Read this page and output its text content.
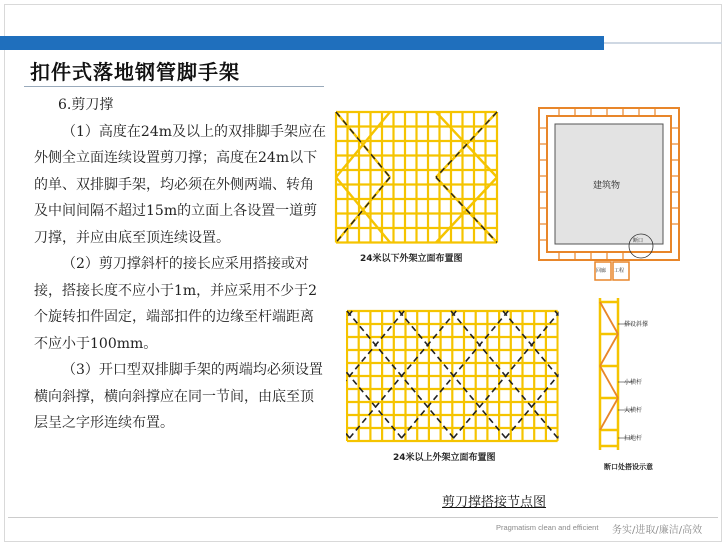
扣件式落地钢管脚手架

6.剪刀撑

（1）高度在24m及以上的双排脚手架应在外侧全立面连续设置剪刀撑；高度在24m以下的单、双排脚手架，均必须在外侧两端、转角及中间间隔不超过15m的立面上各设置一道剪刀撑，并应由底至顶连续设置。

（2）剪刀撑斜杆的接长应采用搭接或对接，搭接长度不应小于1m，并应采用不少于2个旋转扣件固定，端部扣件的边缘至杆端距离不应小于100mm。

（3）开口型双排脚手架的两端均必须设置横向斜撑，横向斜撑应在同一节间，由底至顶层呈之字形连续布置。

24米以下外架立面布置图
建筑物
断口
回廊 工程
24米以上外架立面布置图
搭设斜撑
小横杆
大横杆
扫地杆
断口处搭设示意
剪刀撑搭接节点图
Pragmatism clean and efficient 务实/进取/廉洁/高效
